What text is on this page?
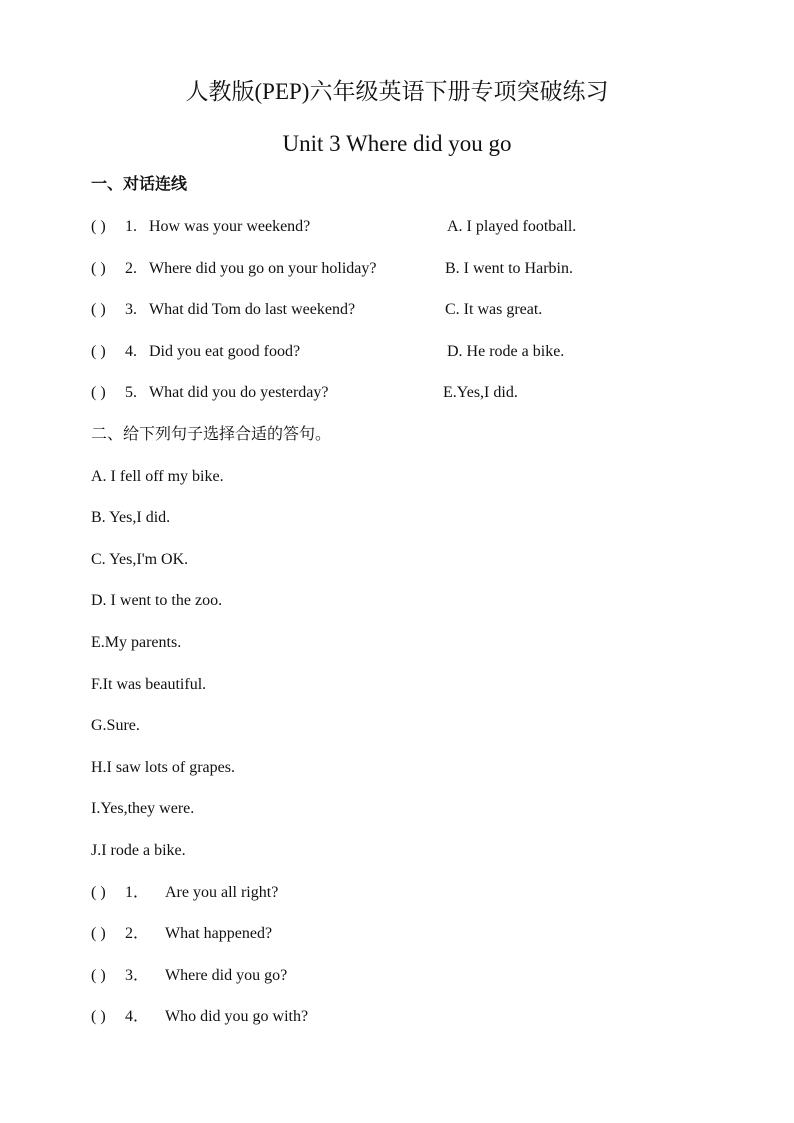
人教版(PEP)六年级英语下册专项突破练习
Unit 3 Where did you go
一、对话连线
( ) 1. How was your weekend?	A. I played football.
( ) 2. Where did you go on your holiday?	B. I went to Harbin.
( ) 3. What did Tom do last weekend?	C. It was great.
( ) 4. Did you eat good food?	D. He rode a bike.
( ) 5. What did you do yesterday?	E.Yes,I did.
二、给下列句子选择合适的答句。
A. I fell off my bike.
B. Yes,I did.
C. Yes,I'm OK.
D. I went to the zoo.
E.My parents.
F.It was beautiful.
G.Sure.
H.I saw lots of grapes.
I.Yes,they were.
J.I rode a bike.
( ) 1． Are you all right?
( ) 2． What happened?
( ) 3． Where did you go?
( ) 4． Who did you go with?
